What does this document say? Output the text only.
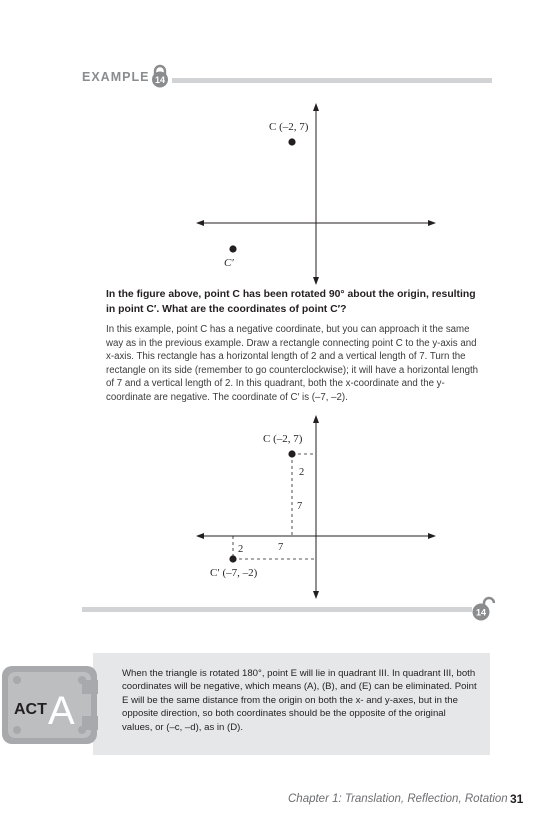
EXAMPLE 14
C (–2, 7)
C′

In the figure above, point C has been rotated 90° about the origin, resulting in point C′. What are the coordinates of point C′?

In this example, point C has a negative coordinate, but you can approach it the same way as in the previous example. Draw a rectangle connecting point C to the y-axis and x-axis. This rectangle has a horizontal length of 2 and a vertical length of 7. Turn the rectangle on its side (remember to go counterclockwise); it will have a horizontal length of 7 and a vertical length of 2. In this quadrant, both the x-coordinate and the y-coordinate are negative. The coordinate of C′ is (–7, –2).

C (–2, 7)
2
7
7
2
C′ (–7, –2)
14
ACT A

When the triangle is rotated 180°, point E will lie in quadrant III. In quadrant III, both coordinates will be negative, which means (A), (B), and (E) can be eliminated. Point E will be the same distance from the origin on both the x- and y-axes, but in the opposite direction, so both coordinates should be the opposite of the original values, or (–c, –d), as in (D).

Chapter 1: Translation, Reflection, Rotation 31
